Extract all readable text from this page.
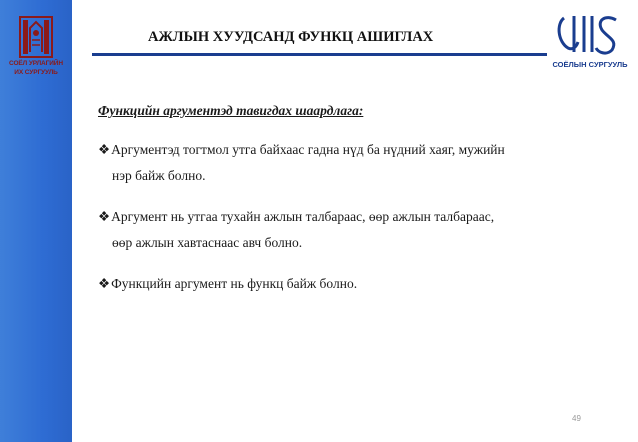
СОЁЛ УРЛАГИЙН
ИХ СУРГУУЛЬ
АЖЛЫН ХУУДСАНД ФУНКЦ АШИГЛАХ
СОЁЛЫН СУРГУУЛЬ
Функцийн аргументэд тавигдах шаардлага:
❖Аргументэд тогтмол утга байхаас гадна нүд ба нүдний хаяг, мужийн
нэр байж болно.
❖Аргумент нь утгаа тухайн ажлын талбараас, өөр ажлын талбараас,
өөр ажлын хавтаснаас авч болно.
❖Функцийн аргумент нь функц байж болно.
49
